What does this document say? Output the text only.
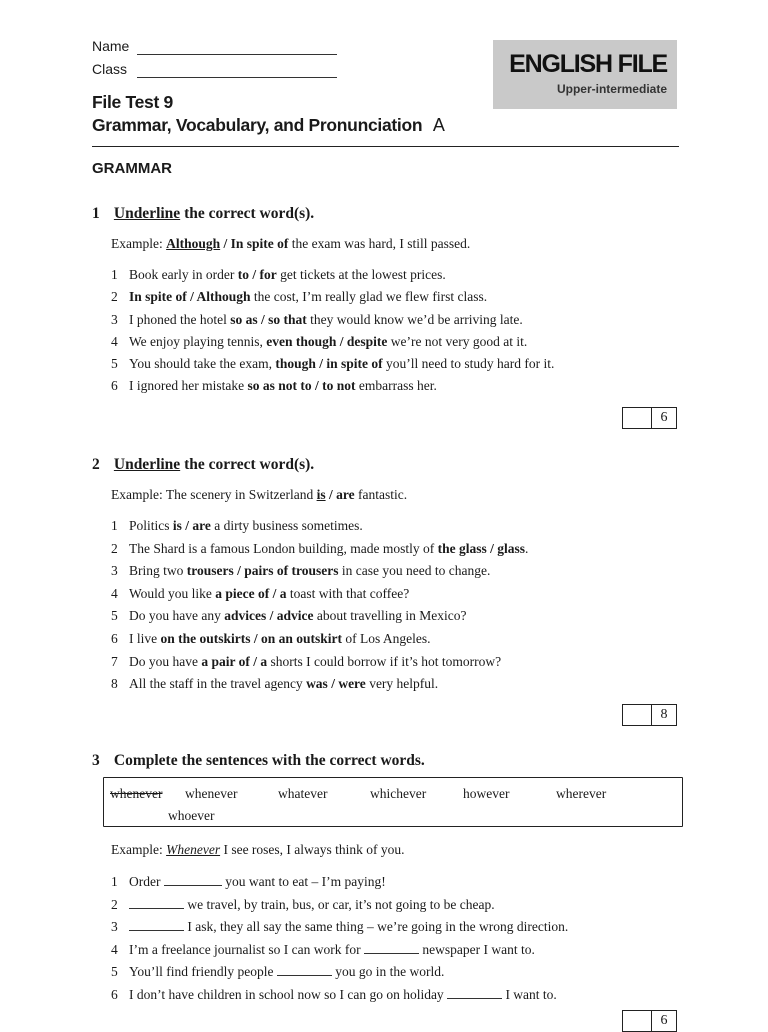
Name
Class	ENGLISH FILE
Upper-intermediate
File Test 9
Grammar, Vocabulary, and Pronunciation A
GRAMMAR
1 Underline the correct word(s).
Example: Although / In spite of the exam was hard, I still passed.
1 Book early in order to / for get tickets at the lowest prices.
2 In spite of / Although the cost, I’m really glad we flew first class.
3 I phoned the hotel so as / so that they would know we’d be arriving late.
4 We enjoy playing tennis, even though / despite we’re not very good at it.
5 You should take the exam, though / in spite of you’ll need to study hard for it.
6 I ignored her mistake so as not to / to not embarrass her.
6
2 Underline the correct word(s).
Example: The scenery in Switzerland is / are fantastic.
1 Politics is / are a dirty business sometimes.
2 The Shard is a famous London building, made mostly of the glass / glass.
3 Bring two trousers / pairs of trousers in case you need to change.
4 Would you like a piece of / a toast with that coffee?
5 Do you have any advices / advice about travelling in Mexico?
6 I live on the outskirts / on an outskirt of Los Angeles.
7 Do you have a pair of / a shorts I could borrow if it’s hot tomorrow?
8 All the staff in the travel agency was / were very helpful.
8
3 Complete the sentences with the correct words.
whenever whenever	whatever	whichever	however	wherever
whoever
Example: Whenever I see roses, I always think of you.
1 Order	you want to eat – I’m paying!
2	we travel, by train, bus, or car, it’s not going to be cheap.
3	I ask, they all say the same thing – we’re going in the wrong direction.
4 I’m a freelance journalist so I can work for	newspaper I want to.
5 You’ll find friendly people	you go in the world.
6 I don’t have children in school now so I can go on holiday	I want to.
6
